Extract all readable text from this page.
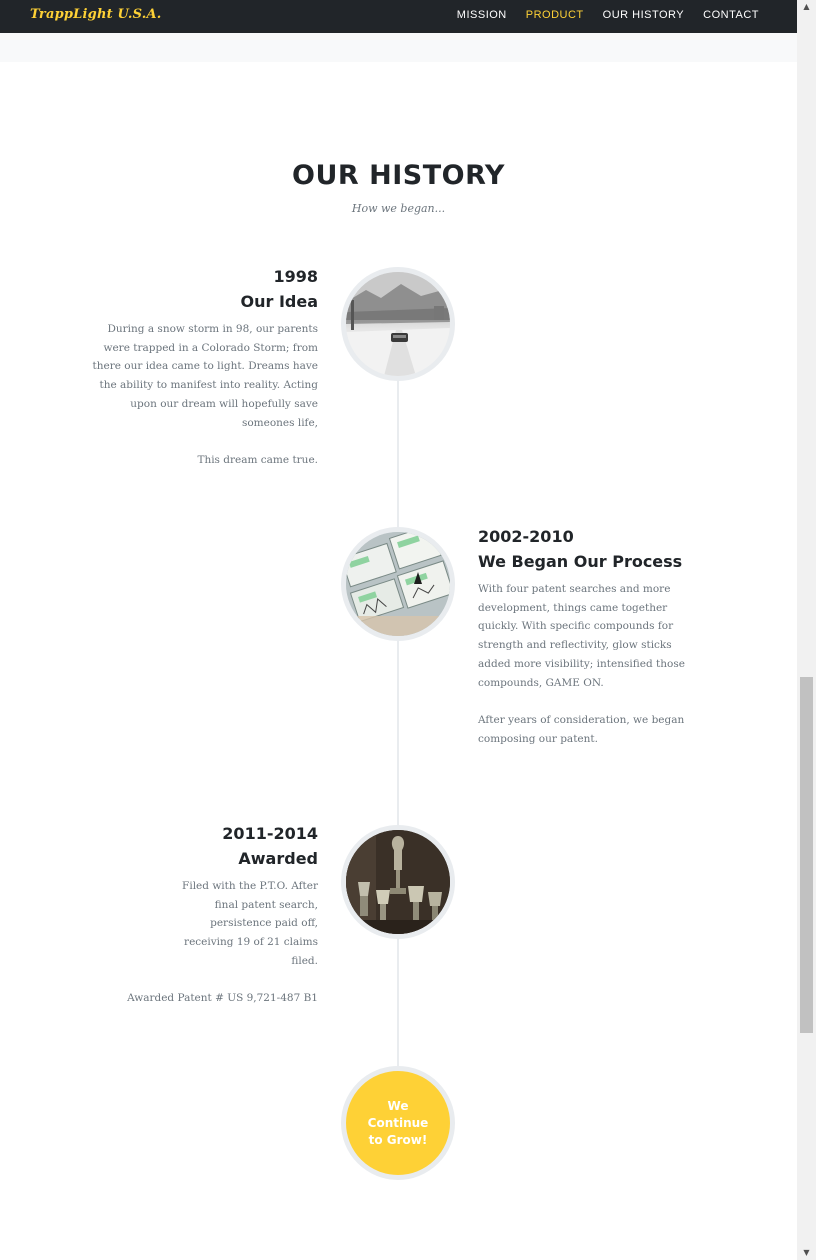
TrappLight U.S.A.	MISSION PRODUCT OUR HISTORY CONTACT
▲
▼
OUR HISTORY

How we began...

1998
Our Idea

During a snow storm in 98, our parents were trapped in a Colorado Storm; from there our idea came to light. Dreams have the ability to manifest into reality. Acting upon our dream will hopefully save someones life,

This dream came true.

2002-2010
We Began Our Process

With four patent searches and more development, things came together quickly. With specific compounds for strength and reflectivity, glow sticks added more visibility; intensified those compounds, GAME ON.

After years of consideration, we began composing our patent.

2011-2014
Awarded

Filed with the P.T.O. After final patent search, persistence paid off, receiving 19 of 21 claims filed.

Awarded Patent # US 9,721-487 B1

We Continue to Grow!
